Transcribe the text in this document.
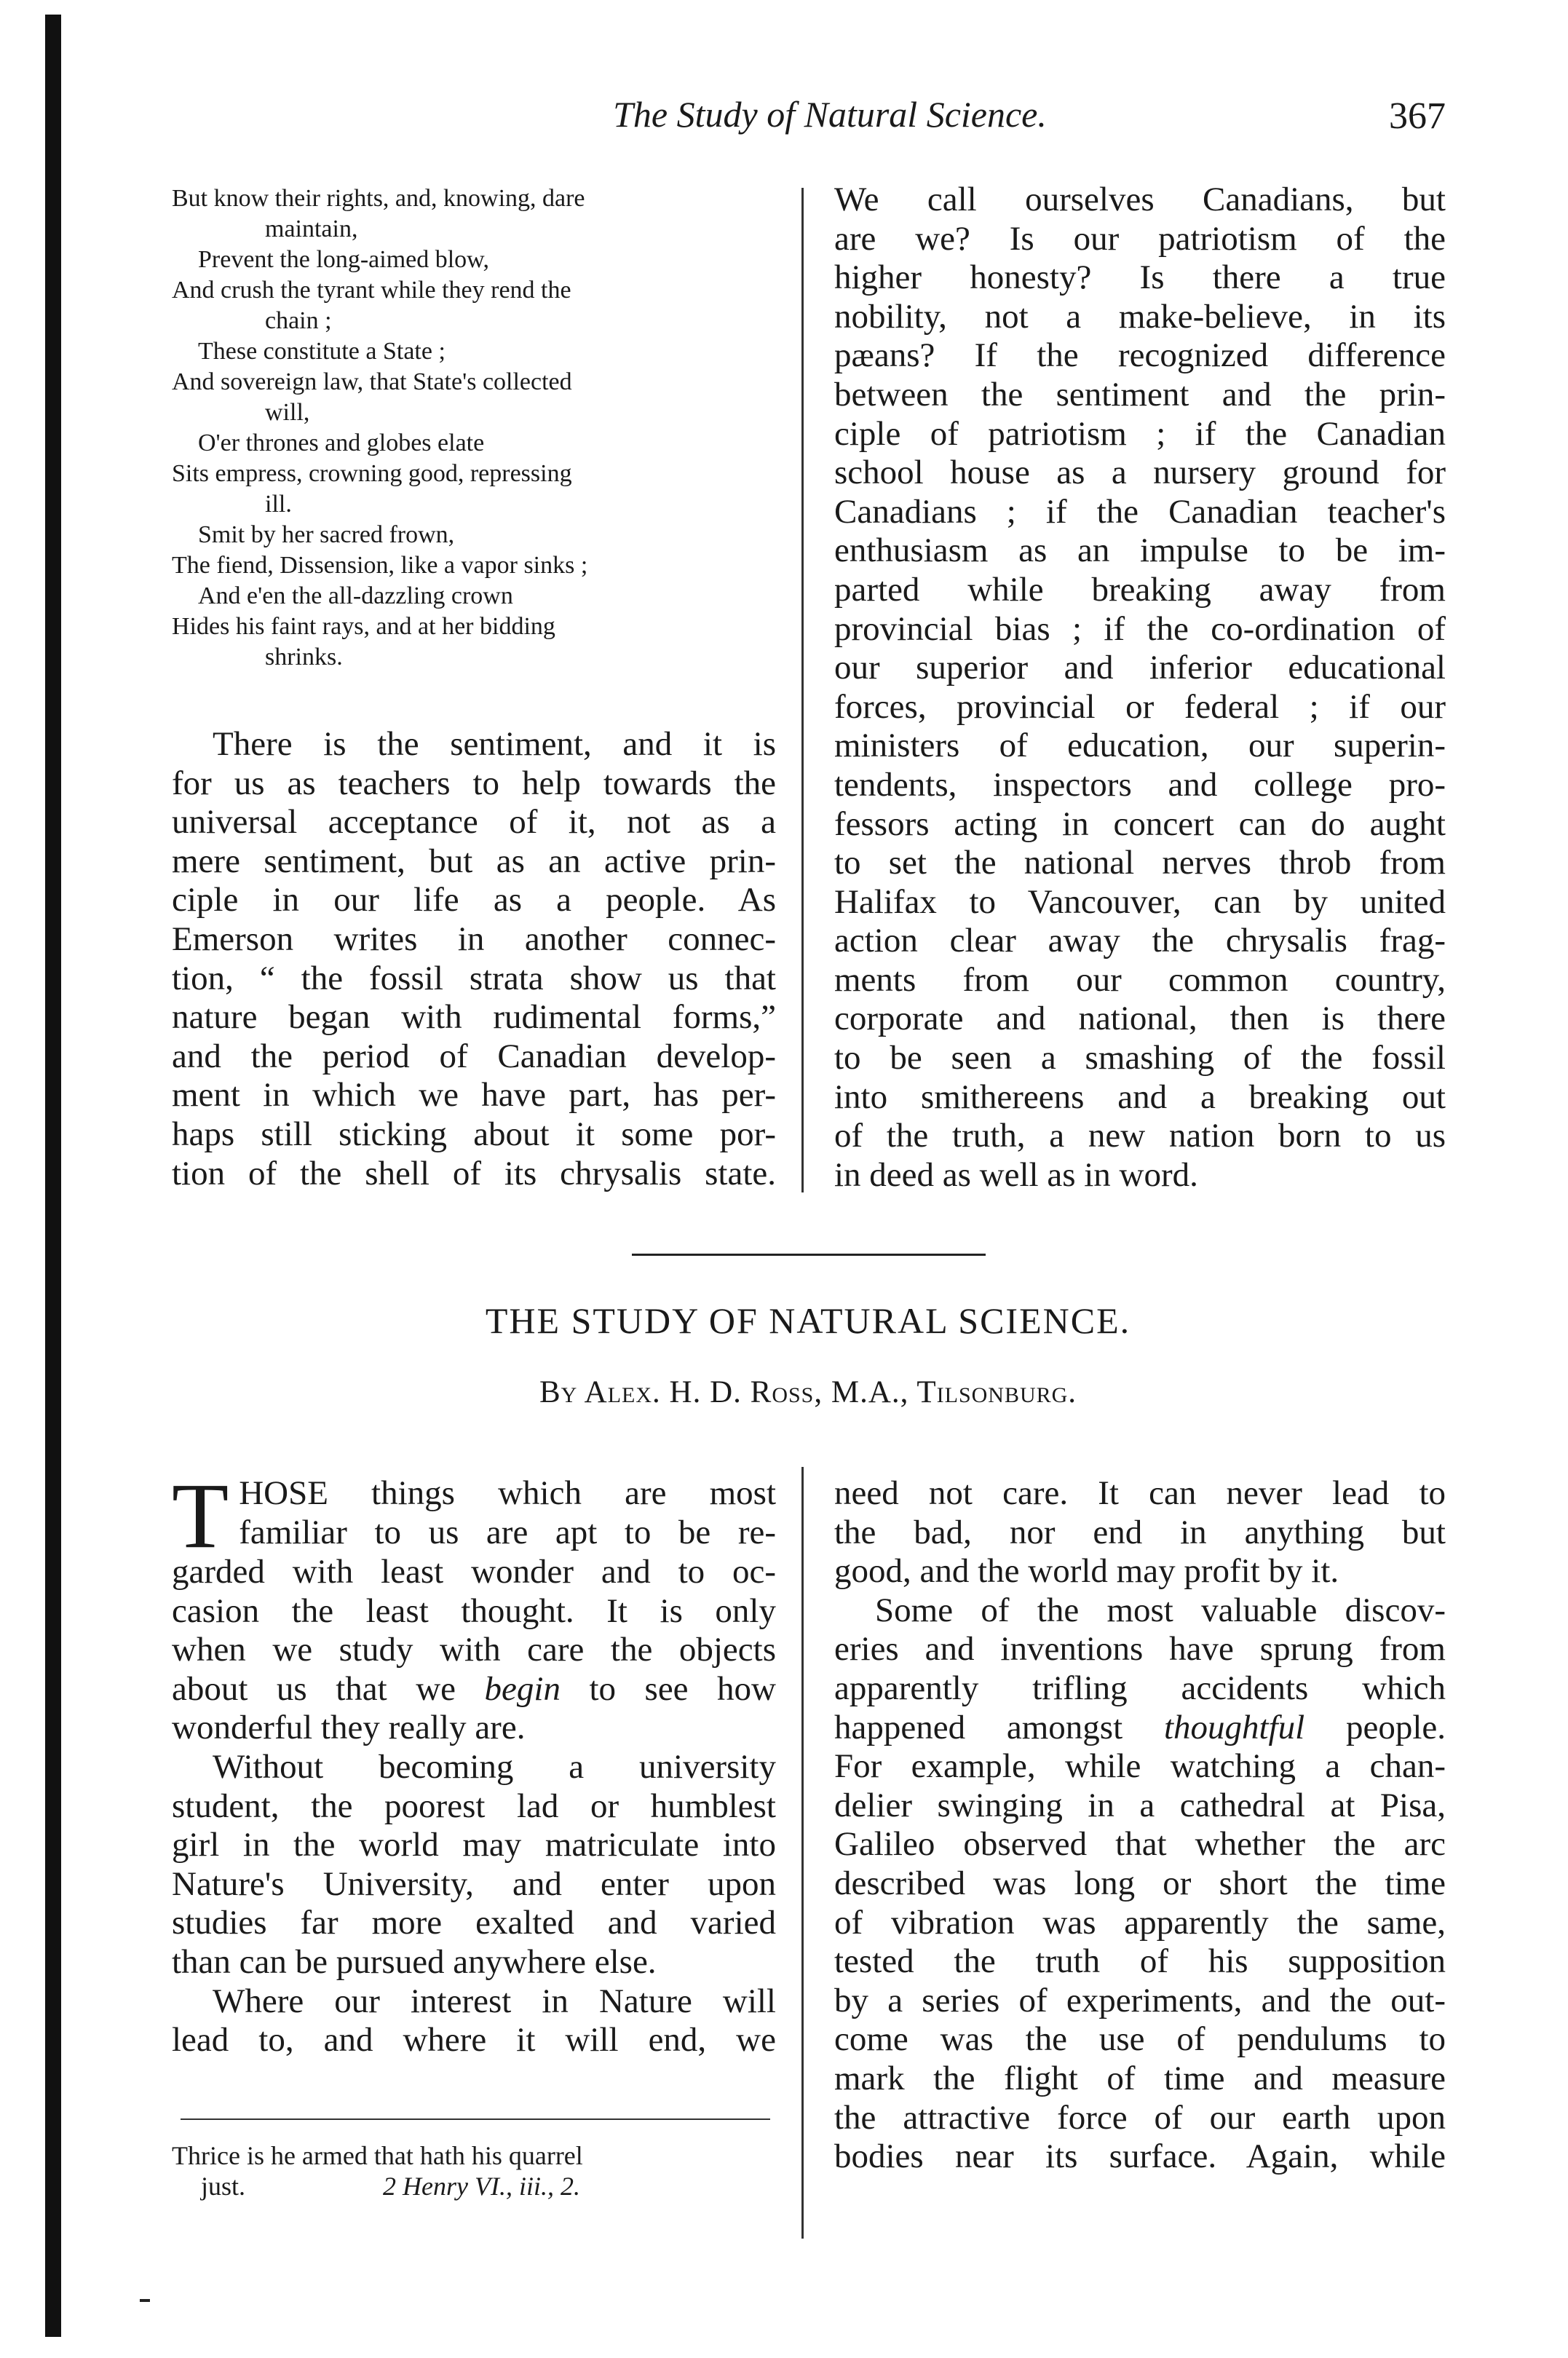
The Study of Natural Science.	367
But know their rights, and, knowing, dare
maintain,
Prevent the long-aimed blow,
And crush the tyrant while they rend the
chain ;
These constitute a State ;
And sovereign law, that State's collected
will,
O'er thrones and globes elate
Sits empress, crowning good, repressing
ill.
Smit by her sacred frown,
The fiend, Dissension, like a vapor sinks ;
And e'en the all-dazzling crown
Hides his faint rays, and at her bidding
shrinks.

There is the sentiment, and it is

for us as teachers to help towards the

universal acceptance of it, not as a

mere sentiment, but as an active prin-

ciple in our life as a people. As

Emerson writes in another connec-

tion, “ the fossil strata show us that

nature began with rudimental forms,”

and the period of Canadian develop-

ment in which we have part, has per-

haps still sticking about it some por-

tion of the shell of its chrysalis state.

We call ourselves Canadians, but

are we? Is our patriotism of the

higher honesty? Is there a true

nobility, not a make-believe, in its

pæans? If the recognized difference

between the sentiment and the prin-

ciple of patriotism ; if the Canadian

school house as a nursery ground for

Canadians ; if the Canadian teacher's

enthusiasm as an impulse to be im-

parted while breaking away from

provincial bias ; if the co-ordination of

our superior and inferior educational

forces, provincial or federal ; if our

ministers of education, our superin-

tendents, inspectors and college pro-

fessors acting in concert can do aught

to set the national nerves throb from

Halifax to Vancouver, can by united

action clear away the chrysalis frag-

ments from our common country,

corporate and national, then is there

to be seen a smashing of the fossil

into smithereens and a breaking out

of the truth, a new nation born to us

in deed as well as in word.

THE STUDY OF NATURAL SCIENCE.
By Alex. H. D. Ross, M.A., Tilsonburg.
T HOSE things which are most

familiar to us are apt to be re-

garded with least wonder and to oc-

casion the least thought. It is only

when we study with care the objects

about us that we begin to see how

wonderful they really are.

Without becoming a university

student, the poorest lad or humblest

girl in the world may matriculate into

Nature's University, and enter upon

studies far more exalted and varied

than can be pursued anywhere else.

Where our interest in Nature will

lead to, and where it will end, we

Thrice is he armed that hath his quarrel
just.	2 Henry VI., iii., 2.

need not care. It can never lead to

the bad, nor end in anything but

good, and the world may profit by it.

Some of the most valuable discov-

eries and inventions have sprung from

apparently trifling accidents which

happened amongst thoughtful people.

For example, while watching a chan-

delier swinging in a cathedral at Pisa,

Galileo observed that whether the arc

described was long or short the time

of vibration was apparently the same,

tested the truth of his supposition

by a series of experiments, and the out-

come was the use of pendulums to

mark the flight of time and measure

the attractive force of our earth upon

bodies near its surface. Again, while
